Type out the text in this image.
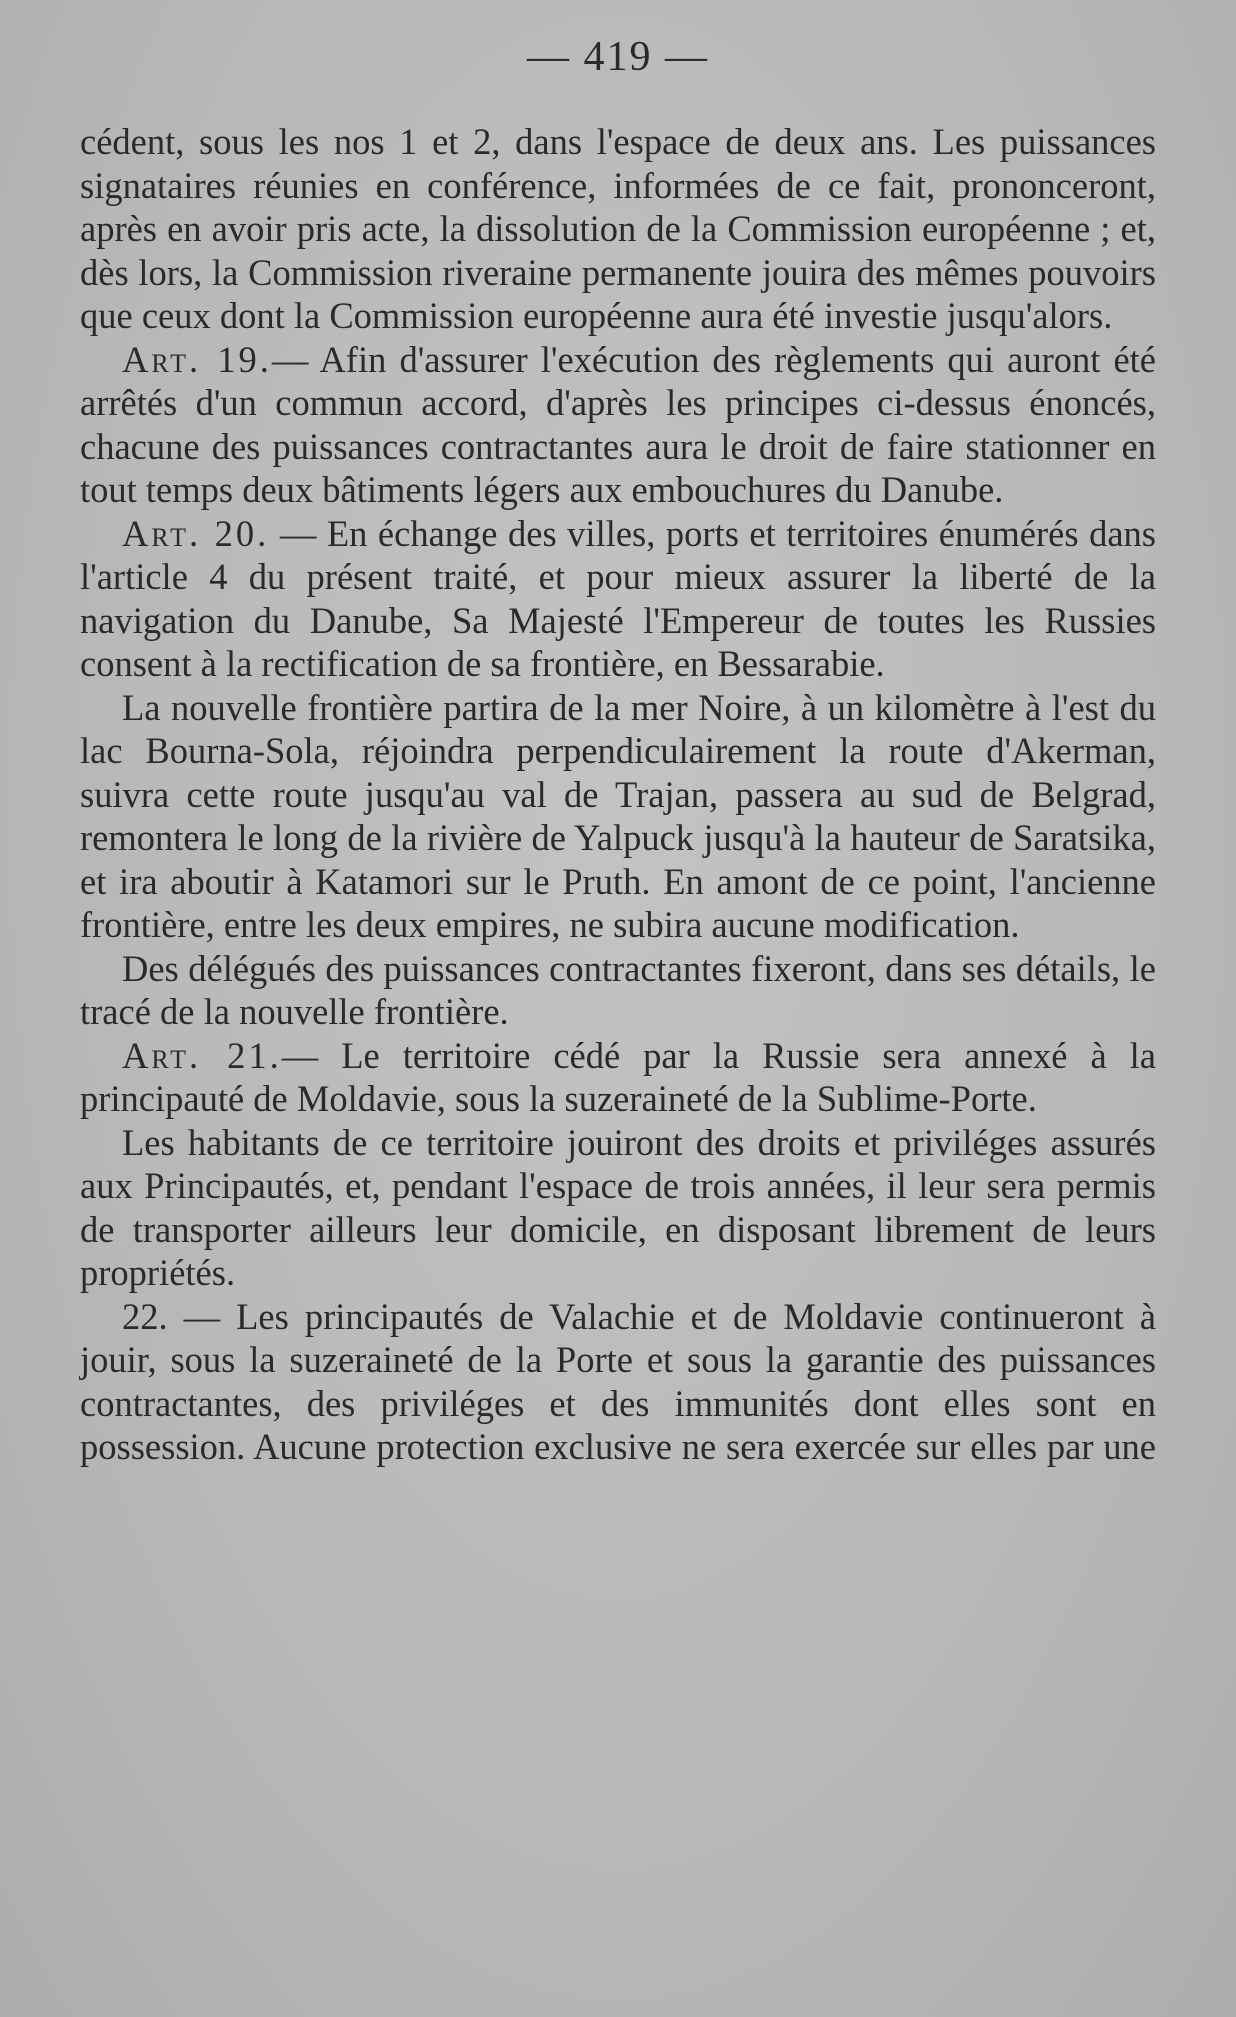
— 419 —

cédent, sous les nos 1 et 2, dans l'espace de deux ans. Les puissances signataires réunies en conférence, informées de ce fait, prononceront, après en avoir pris acte, la dissolution de la Commission européenne ; et, dès lors, la Commission riveraine permanente jouira des mêmes pouvoirs que ceux dont la Commission européenne aura été investie jusqu'alors.

Art. 19.— Afin d'assurer l'exécution des règlements qui auront été arrêtés d'un commun accord, d'après les principes ci-dessus énoncés, chacune des puissances contractantes aura le droit de faire stationner en tout temps deux bâtiments légers aux embouchures du Danube.

Art. 20. — En échange des villes, ports et territoires énumérés dans l'article 4 du présent traité, et pour mieux assurer la liberté de la navigation du Danube, Sa Majesté l'Empereur de toutes les Russies consent à la rectification de sa frontière, en Bessarabie.

La nouvelle frontière partira de la mer Noire, à un kilomètre à l'est du lac Bourna-Sola, réjoindra perpendiculairement la route d'Akerman, suivra cette route jusqu'au val de Trajan, passera au sud de Belgrad, remontera le long de la rivière de Yalpuck jusqu'à la hauteur de Saratsika, et ira aboutir à Katamori sur le Pruth. En amont de ce point, l'ancienne frontière, entre les deux empires, ne subira aucune modification.

Des délégués des puissances contractantes fixeront, dans ses détails, le tracé de la nouvelle frontière.

Art. 21.— Le territoire cédé par la Russie sera annexé à la principauté de Moldavie, sous la suzeraineté de la Sublime-Porte.

Les habitants de ce territoire jouiront des droits et priviléges assurés aux Principautés, et, pendant l'espace de trois années, il leur sera permis de transporter ailleurs leur domicile, en disposant librement de leurs propriétés.

22. — Les principautés de Valachie et de Moldavie continueront à jouir, sous la suzeraineté de la Porte et sous la garantie des puissances contractantes, des priviléges et des immunités dont elles sont en possession. Aucune protection exclusive ne sera exercée sur elles par une
